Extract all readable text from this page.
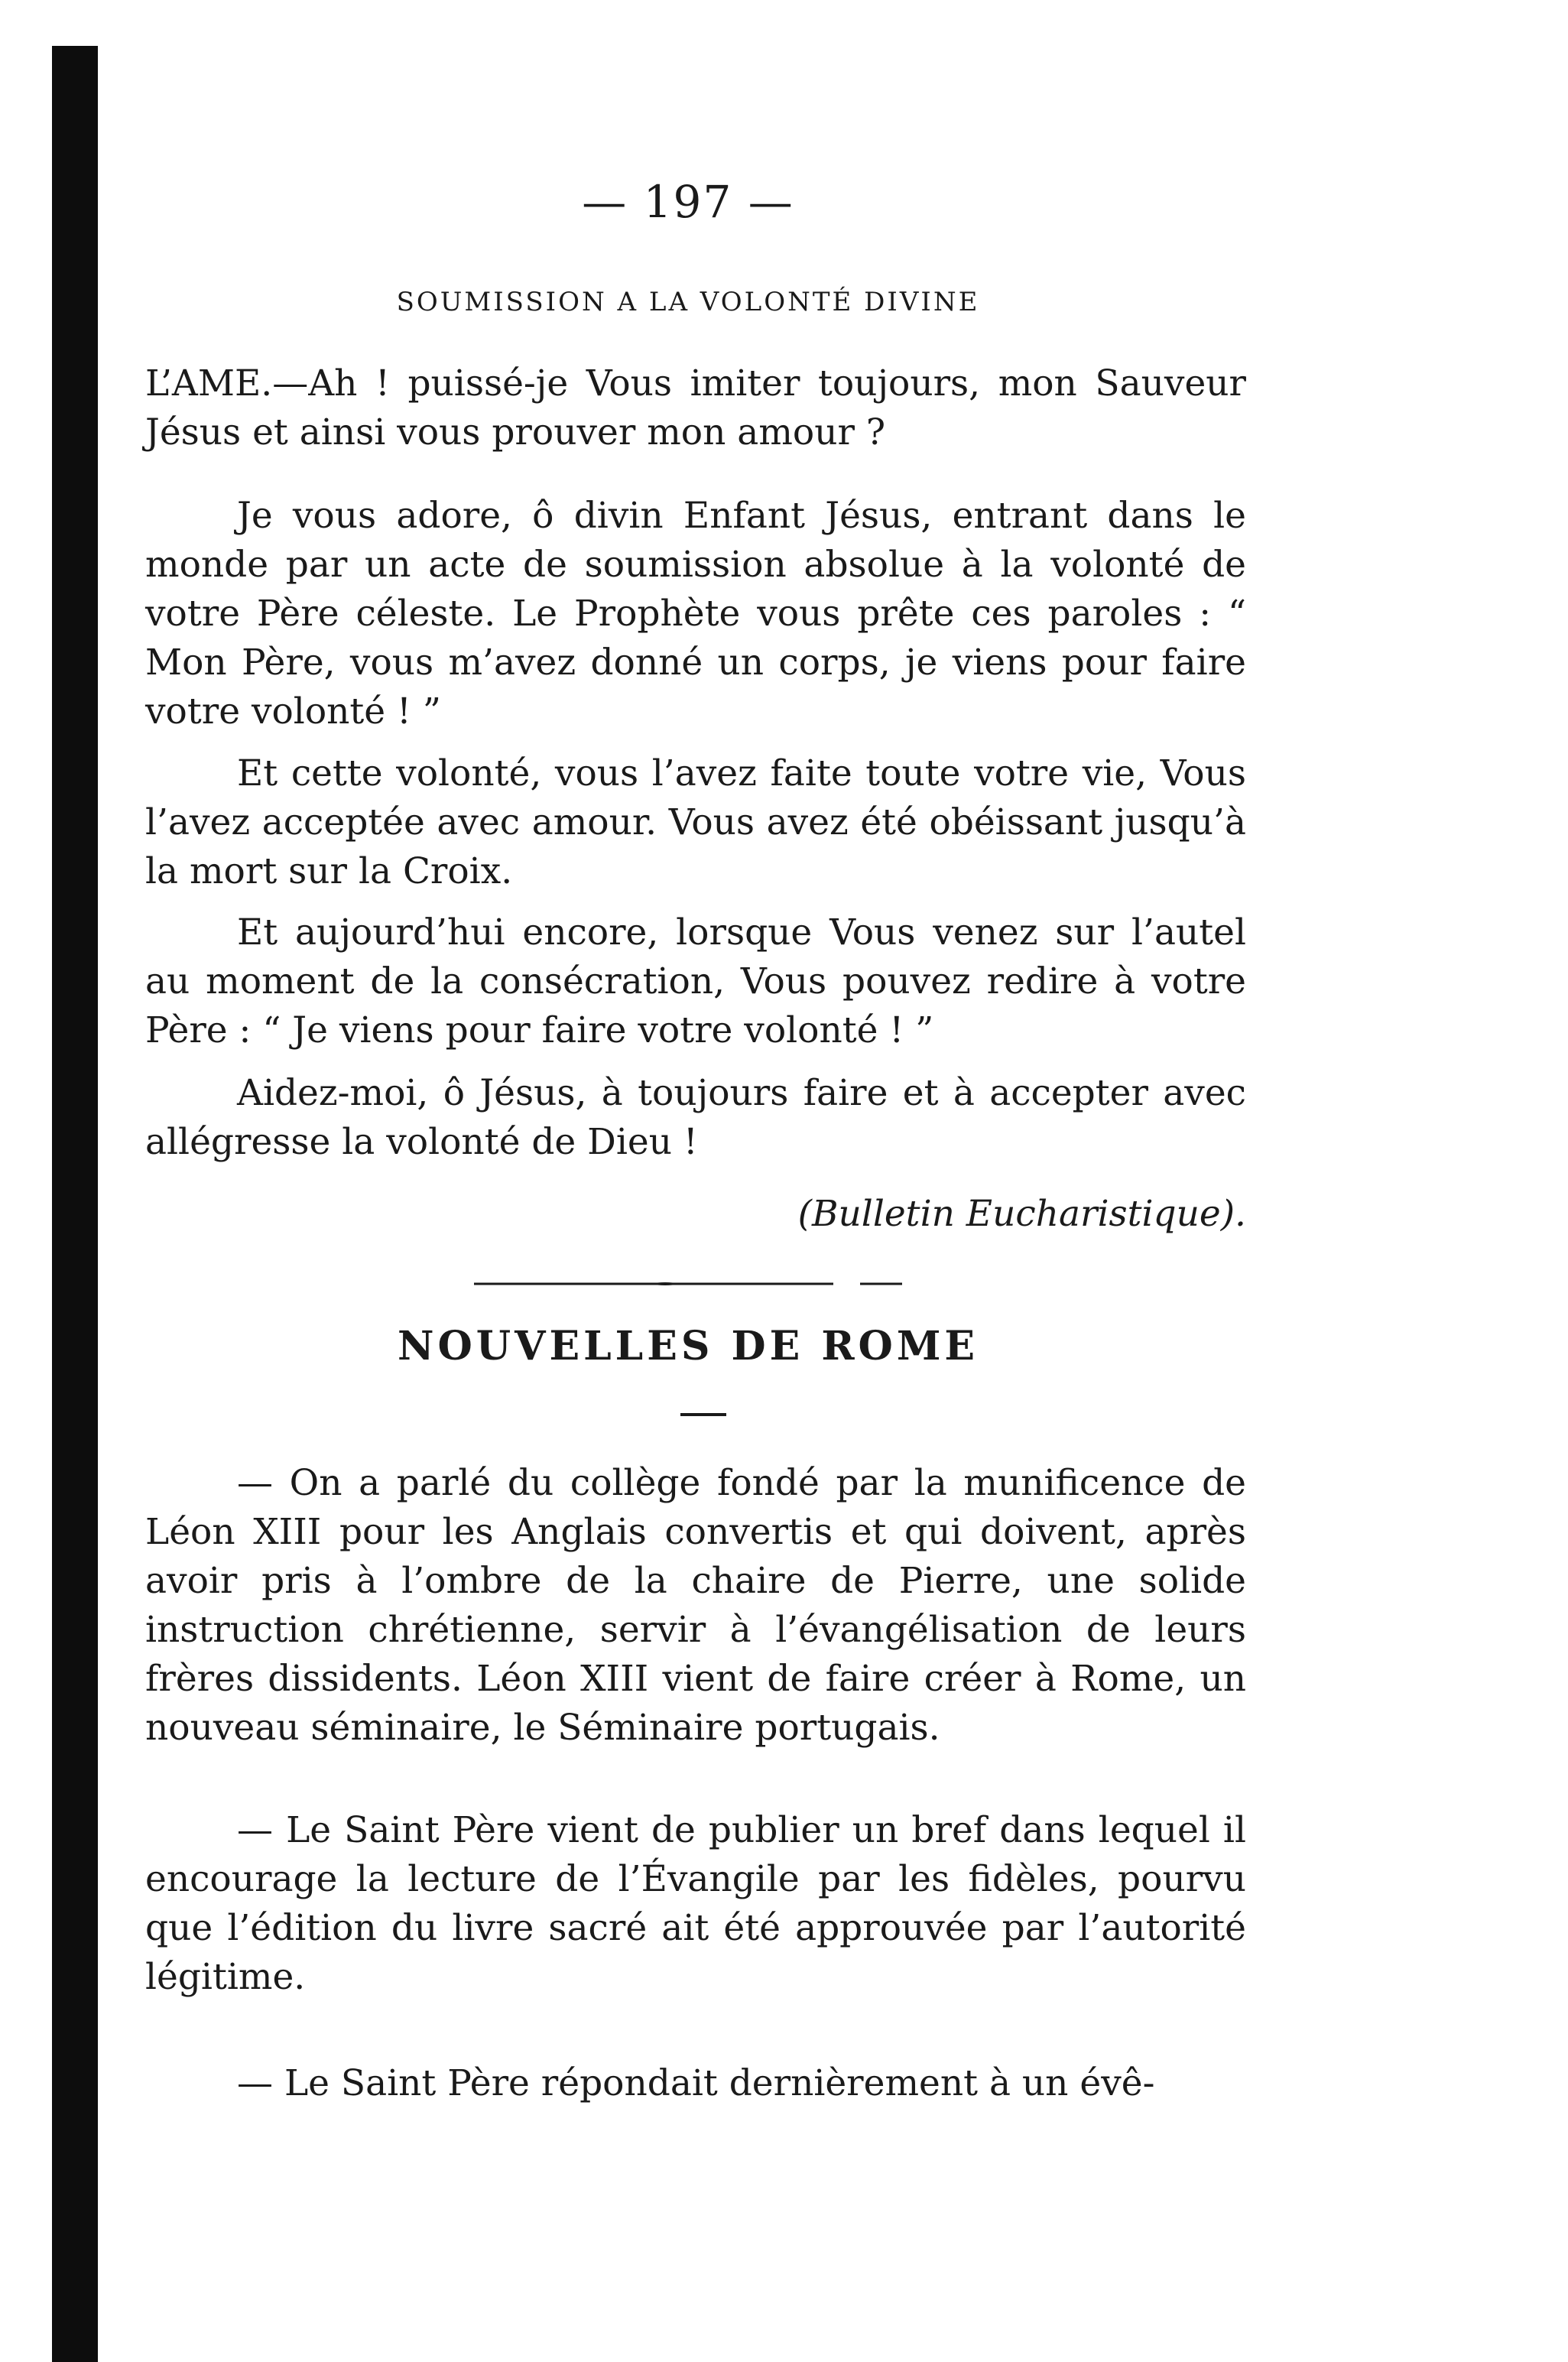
— 197 —
SOUMISSION A LA VOLONTÉ DIVINE

L’AME.—Ah ! puissé-je Vous imiter toujours, mon Sauveur Jésus et ainsi vous prouver mon amour ?

Je vous adore, ô divin Enfant Jésus, entrant dans le monde par un acte de soumission absolue à la volonté de votre Père céleste. Le Prophète vous prête ces paroles : “ Mon Père, vous m’avez donné un corps, je viens pour faire votre volonté ! ”

Et cette volonté, vous l’avez faite toute votre vie, Vous l’avez acceptée avec amour. Vous avez été obéissant jusqu’à la mort sur la Croix.

Et aujourd’hui encore, lorsque Vous venez sur l’autel au moment de la consécration, Vous pouvez redire à votre Père : “ Je viens pour faire votre volonté ! ”

Aidez-moi, ô Jésus, à toujours faire et à accepter avec allégresse la volonté de Dieu !

(Bulletin Eucharistique).
NOUVELLES DE ROME

— On a parlé du collège fondé par la munificence de Léon XIII pour les Anglais convertis et qui doivent, après avoir pris à l’ombre de la chaire de Pierre, une solide instruction chrétienne, servir à l’évangélisation de leurs frères dissidents. Léon XIII vient de faire créer à Rome, un nouveau séminaire, le Séminaire portugais.

— Le Saint Père vient de publier un bref dans lequel il encourage la lecture de l’Évangile par les fidèles, pourvu que l’édition du livre sacré ait été approuvée par l’autorité légitime.

— Le Saint Père répondait dernièrement à un évê-
